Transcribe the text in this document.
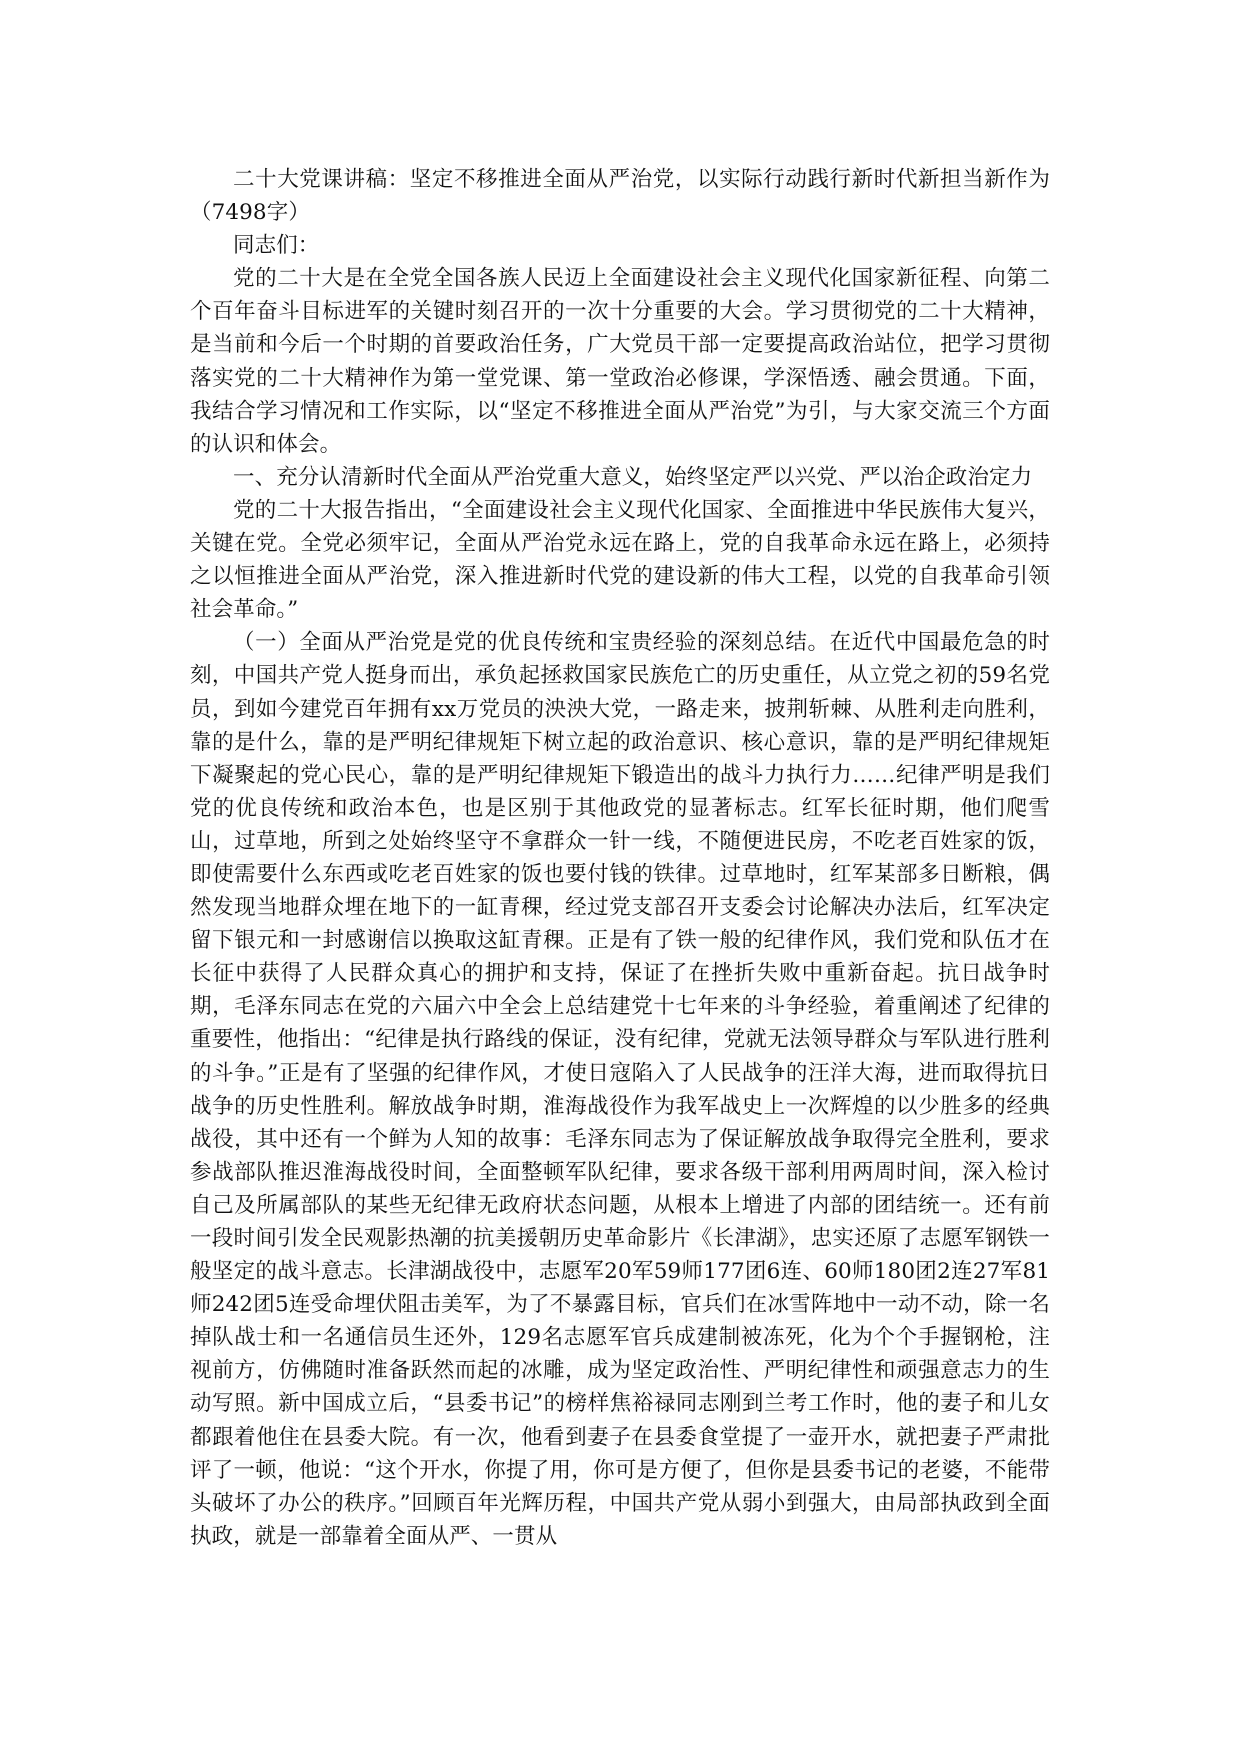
二十大党课讲稿：坚定不移推进全面从严治党，以实际行动践行新时代新担当新作为（7498字）

同志们：

党的二十大是在全党全国各族人民迈上全面建设社会主义现代化国家新征程、向第二个百年奋斗目标进军的关键时刻召开的一次十分重要的大会。学习贯彻党的二十大精神，是当前和今后一个时期的首要政治任务，广大党员干部一定要提高政治站位，把学习贯彻落实党的二十大精神作为第一堂党课、第一堂政治必修课，学深悟透、融会贯通。下面，我结合学习情况和工作实际，以“坚定不移推进全面从严治党”为引，与大家交流三个方面的认识和体会。

一、充分认清新时代全面从严治党重大意义，始终坚定严以兴党、严以治企政治定力

党的二十大报告指出，“全面建设社会主义现代化国家、全面推进中华民族伟大复兴，关键在党。全党必须牢记，全面从严治党永远在路上，党的自我革命永远在路上，必须持之以恒推进全面从严治党，深入推进新时代党的建设新的伟大工程，以党的自我革命引领社会革命。”

（一）全面从严治党是党的优良传统和宝贵经验的深刻总结。在近代中国最危急的时刻，中国共产党人挺身而出，承负起拯救国家民族危亡的历史重任，从立党之初的59名党员，到如今建党百年拥有xx万党员的泱泱大党，一路走来，披荆斩棘、从胜利走向胜利，靠的是什么，靠的是严明纪律规矩下树立起的政治意识、核心意识，靠的是严明纪律规矩下凝聚起的党心民心，靠的是严明纪律规矩下锻造出的战斗力执行力……纪律严明是我们党的优良传统和政治本色，也是区别于其他政党的显著标志。红军长征时期，他们爬雪山，过草地，所到之处始终坚守不拿群众一针一线，不随便进民房，不吃老百姓家的饭，即使需要什么东西或吃老百姓家的饭也要付钱的铁律。过草地时，红军某部多日断粮，偶然发现当地群众埋在地下的一缸青稞，经过党支部召开支委会讨论解决办法后，红军决定留下银元和一封感谢信以换取这缸青稞。正是有了铁一般的纪律作风，我们党和队伍才在长征中获得了人民群众真心的拥护和支持，保证了在挫折失败中重新奋起。抗日战争时期，毛泽东同志在党的六届六中全会上总结建党十七年来的斗争经验，着重阐述了纪律的重要性，他指出：“纪律是执行路线的保证，没有纪律，党就无法领导群众与军队进行胜利的斗争。”正是有了坚强的纪律作风，才使日寇陷入了人民战争的汪洋大海，进而取得抗日战争的历史性胜利。解放战争时期，淮海战役作为我军战史上一次辉煌的以少胜多的经典战役，其中还有一个鲜为人知的故事：毛泽东同志为了保证解放战争取得完全胜利，要求参战部队推迟淮海战役时间，全面整顿军队纪律，要求各级干部利用两周时间，深入检讨自己及所属部队的某些无纪律无政府状态问题，从根本上增进了内部的团结统一。还有前一段时间引发全民观影热潮的抗美援朝历史革命影片《长津湖》，忠实还原了志愿军钢铁一般坚定的战斗意志。长津湖战役中，志愿军20军59师177团6连、60师180团2连27军81师242团5连受命埋伏阻击美军，为了不暴露目标，官兵们在冰雪阵地中一动不动，除一名掉队战士和一名通信员生还外，129名志愿军官兵成建制被冻死，化为个个手握钢枪，注视前方，仿佛随时准备跃然而起的冰雕，成为坚定政治性、严明纪律性和顽强意志力的生动写照。新中国成立后，“县委书记”的榜样焦裕禄同志刚到兰考工作时，他的妻子和儿女都跟着他住在县委大院。有一次，他看到妻子在县委食堂提了一壶开水，就把妻子严肃批评了一顿，他说：“这个开水，你提了用，你可是方便了，但你是县委书记的老婆，不能带头破坏了办公的秩序。”回顾百年光辉历程，中国共产党从弱小到强大，由局部执政到全面执政，就是一部靠着全面从严、一贯从
